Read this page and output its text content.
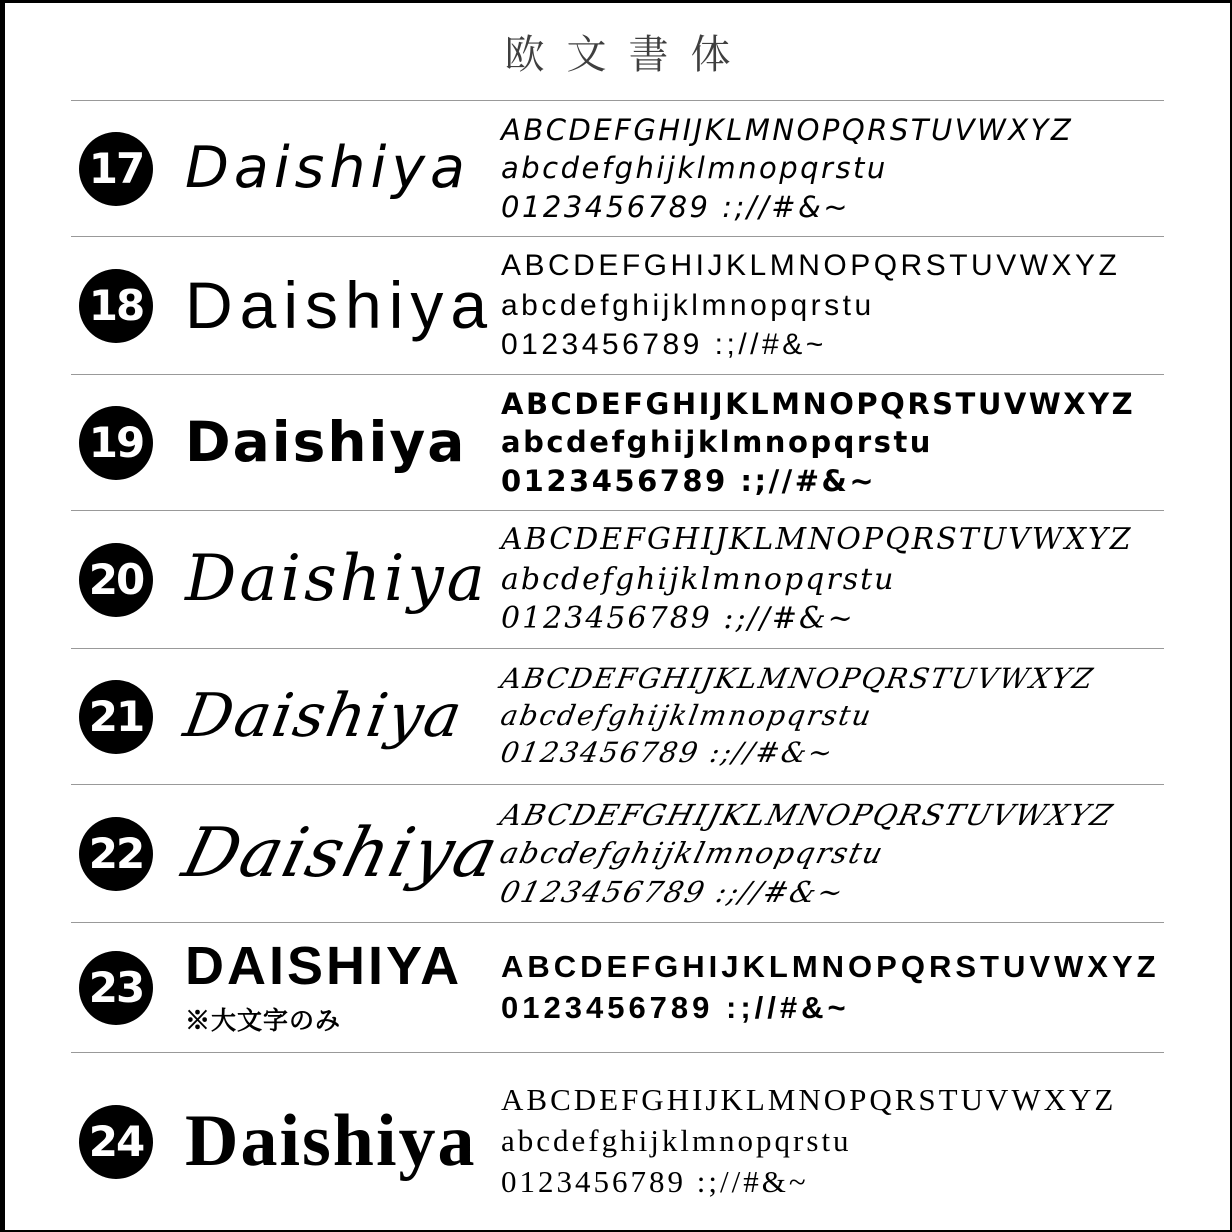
欧文書体
17 Daishiya
ABCDEFGHIJKLMNOPQRSTUVWXYZ
abcdefghijklmnopqrstu
0123456789 :;//#&~
18 Daishiya
ABCDEFGHIJKLMNOPQRSTUVWXYZ
abcdefghijklmnopqrstu
0123456789 :;//#&~
19 Daishiya
ABCDEFGHIJKLMNOPQRSTUVWXYZ
abcdefghijklmnopqrstu
0123456789 :;//#&~
20 Daishiya
ABCDEFGHIJKLMNOPQRSTUVWXYZ
abcdefghijklmnopqrstu
0123456789 :;//#&~
21 Daishiya
ABCDEFGHIJKLMNOPQRSTUVWXYZ
abcdefghijklmnopqrstu
0123456789 :;//#&~
22 Daishiya
ABCDEFGHIJKLMNOPQRSTUVWXYZ
abcdefghijklmnopqrstu
0123456789 :;//#&~
23 DAISHIYA
※大文字のみ
ABCDEFGHIJKLMNOPQRSTUVWXYZ
0123456789 :;//#&~
24 Daishiya
ABCDEFGHIJKLMNOPQRSTUVWXYZ
abcdefghijklmnopqrstu
0123456789 :;//#&~
